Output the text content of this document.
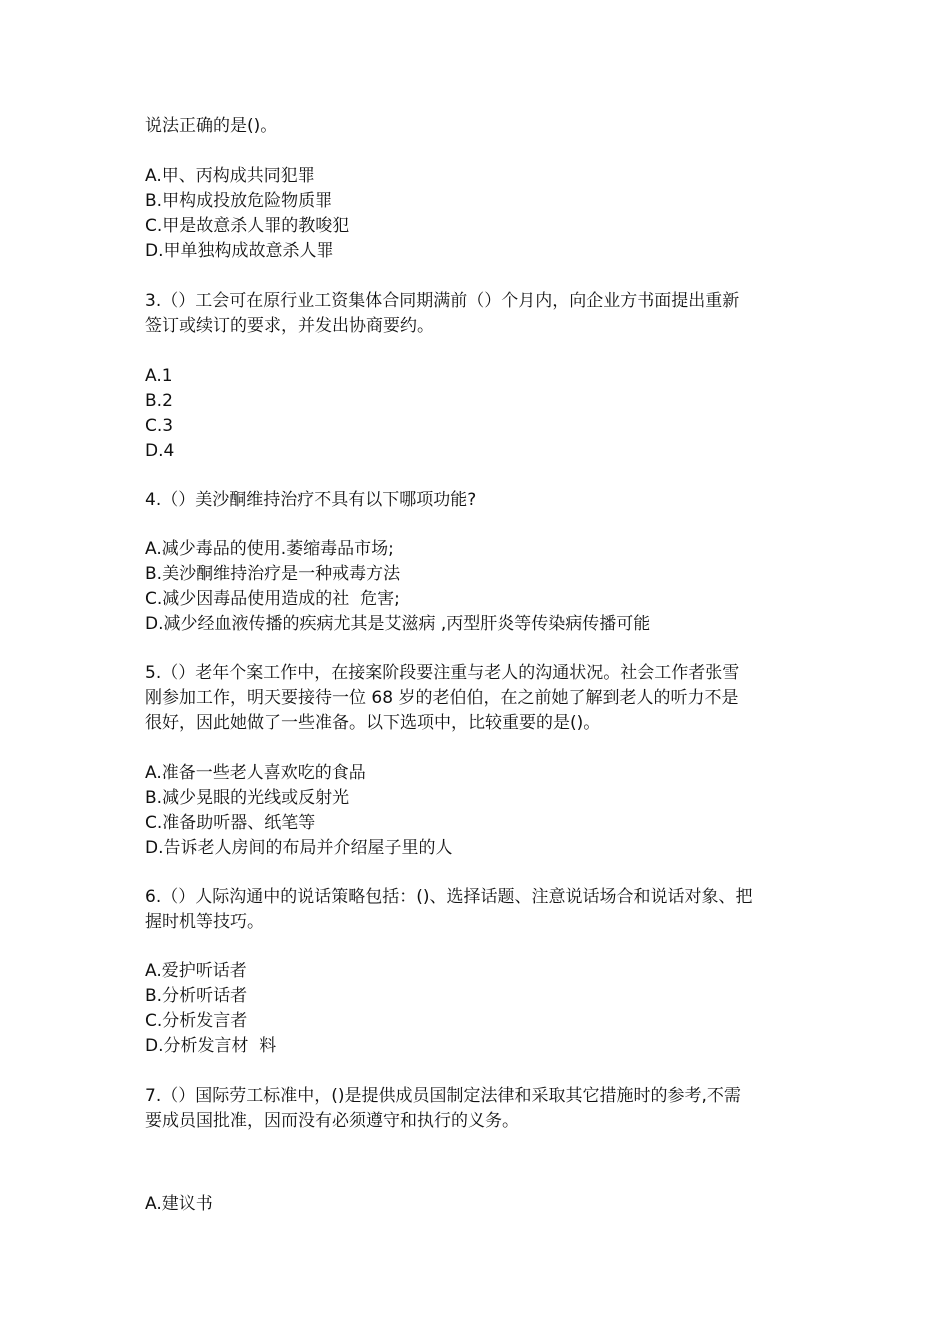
说法正确的是()。
A.甲、丙构成共同犯罪
B.甲构成投放危险物质罪
C.甲是故意杀人罪的教唆犯
D.甲单独构成故意杀人罪
3.（）工会可在原行业工资集体合同期满前（）个月内，向企业方书面提出重新
签订或续订的要求，并发出协商要约。
A.1
B.2
C.3
D.4
4.（）美沙酮维持治疗不具有以下哪项功能?
A.减少毒品的使用.萎缩毒品市场;
B.美沙酮维持治疗是一种戒毒方法
C.减少因毒品使用造成的社  危害;
D.减少经血液传播的疾病尤其是艾滋病 ,丙型肝炎等传染病传播可能
5.（）老年个案工作中，在接案阶段要注重与老人的沟通状况。社会工作者张雪
刚参加工作，明天要接待一位 68 岁的老伯伯，在之前她了解到老人的听力不是
很好，因此她做了一些准备。以下选项中，比较重要的是()。
A.准备一些老人喜欢吃的食品
B.减少晃眼的光线或反射光
C.准备助听器、纸笔等
D.告诉老人房间的布局并介绍屋子里的人
6.（）人际沟通中的说话策略包括：()、选择话题、注意说话场合和说话对象、把
握时机等技巧。
A.爱护听话者
B.分析听话者
C.分析发言者
D.分析发言材  料
7.（）国际劳工标准中，()是提供成员国制定法律和采取其它措施时的参考,不需
要成员国批准，因而没有必须遵守和执行的义务。
A.建议书
